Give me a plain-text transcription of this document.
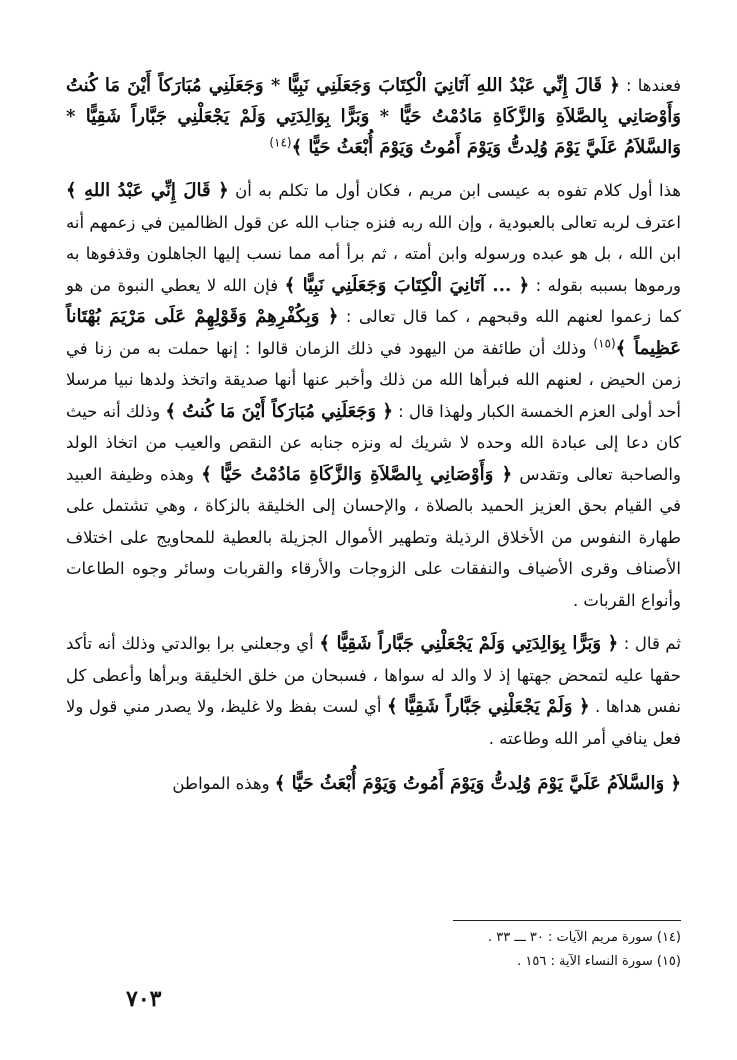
فعندها : ﴿ قَالَ إِنِّي عَبْدُ اللهِ آتَانِيَ الْكِتَابَ وَجَعَلَنِي نَبِيًّا * وَجَعَلَنِي مُبَارَكاً أَيْنَ مَا كُنتُ وَأَوْصَانِي بِالصَّلاَةِ وَالزَّكَاةِ مَادُمْتُ حَيًّا * وَبَرًّا بِوَالِدَتِي وَلَمْ يَجْعَلْنِي جَبَّاراً شَقِيًّا * وَالسَّلاَمُ عَلَيَّ يَوْمَ وُلِدتُّ وَيَوْمَ أَمُوتُ وَيَوْمَ أُبْعَثُ حَيًّا ﴾$^{(١٤)}$

هذا أول كلام تفوه به عيسى ابن مريم ، فكان أول ما تكلم به أن ﴿ قَالَ إِنِّي عَبْدُ اللهِ ﴾ اعترف لربه تعالى بالعبودية ، وإن الله ربه فنزه جناب الله عن قول الظالمين في زعمهم أنه ابن الله ، بل هو عبده ورسوله وابن أمته ، ثم برأ أمه مما نسب إليها الجاهلون وقذفوها به ورموها بسببه بقوله : ﴿ ... آتَانِيَ الْكِتَابَ وَجَعَلَنِي نَبِيًّا ﴾ فإن الله لا يعطي النبوة من هو كما زعموا لعنهم الله وقبحهم ، كما قال تعالى : ﴿ وَبِكُفْرِهِمْ وَقَوْلِهِمْ عَلَى مَرْيَمَ بُهْتَاناً عَظِيماً ﴾$^{(١٥)}$ وذلك أن طائفة من اليهود في ذلك الزمان قالوا : إنها حملت به من زنا في زمن الحيض ، لعنهم الله فبرأها الله من ذلك وأخبر عنها أنها صديقة واتخذ ولدها نبيا مرسلا أحد أولى العزم الخمسة الكبار ولهذا قال : ﴿ وَجَعَلَنِي مُبَارَكاً أَيْنَ مَا كُنتُ ﴾ وذلك أنه حيث كان دعا إلى عبادة الله وحده لا شريك له ونزه جنابه عن النقص والعيب من اتخاذ الولد والصاحبة تعالى وتقدس ﴿ وَأَوْصَانِي بِالصَّلاَةِ وَالزَّكَاةِ مَادُمْتُ حَيًّا ﴾ وهذه وظيفة العبيد في القيام بحق العزيز الحميد بالصلاة ، والإحسان إلى الخليقة بالزكاة ، وهي تشتمل على طهارة النفوس من الأخلاق الرذيلة وتطهير الأموال الجزيلة بالعطية للمحاويج على اختلاف الأصناف وقرى الأضياف والنفقات على الزوجات والأرقاء والقربات وسائر وجوه الطاعات وأنواع القربات .

ثم قال : ﴿ وَبَرًّا بِوَالِدَتِي وَلَمْ يَجْعَلْنِي جَبَّاراً شَقِيًّا ﴾ أي وجعلني برا بوالدتي وذلك أنه تأكد حقها عليه لتمحض جهتها إذ لا والد له سواها ، فسبحان من خلق الخليقة وبرأها وأعطى كل نفس هداها . ﴿ وَلَمْ يَجْعَلْنِي جَبَّاراً شَقِيًّا ﴾ أي لست بفظ ولا غليظ، ولا يصدر مني قول ولا فعل ينافي أمر الله وطاعته .

﴿ وَالسَّلاَمُ عَلَيَّ يَوْمَ وُلِدتُّ وَيَوْمَ أَمُوتُ وَيَوْمَ أُبْعَثُ حَيًّا ﴾ وهذه المواطن

(١٤) سورة مريم الآيات : ٣٠ ـــ ٣٣ .
(١٥) سورة النساء الآية : ١٥٦ .
٧٠٣
